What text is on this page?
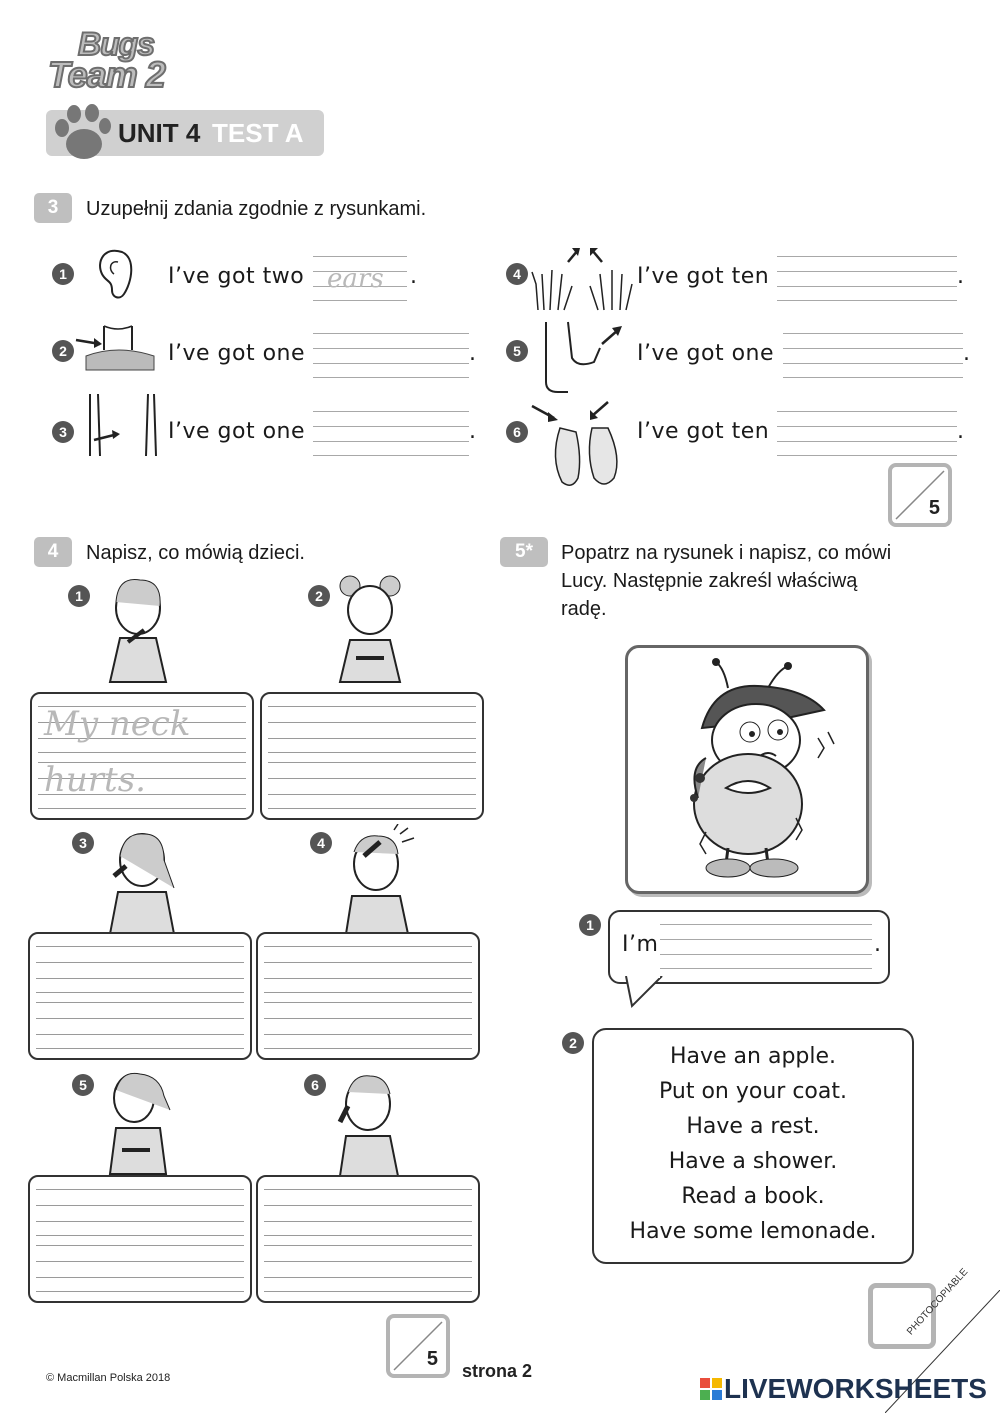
Bugs
Team 2
UNIT 4 TEST A
3	Uzupełnij zdania zgodnie z rysunkami.
1	I’ve got two ears .
2	I’ve got one	.
3	I’ve got one	.
4	I’ve got ten	.
5	I’ve got one	.
6	I’ve got ten	.
5
4	Napisz, co mówią dzieci.
1	2
My neck
hurts.
3	4
5	6
5
5*	Popatrz na rysunek i napisz, co mówi
Lucy. Następnie zakreśl właściwą
radę.
1
I’m	.
2
Have an apple.
Put on your coat.
Have a rest.
Have a shower.
Read a book.
Have some lemonade.
© Macmillan Polska 2018	strona 2
PHOTOCOPIABLE
LIVEWORKSHEETS
